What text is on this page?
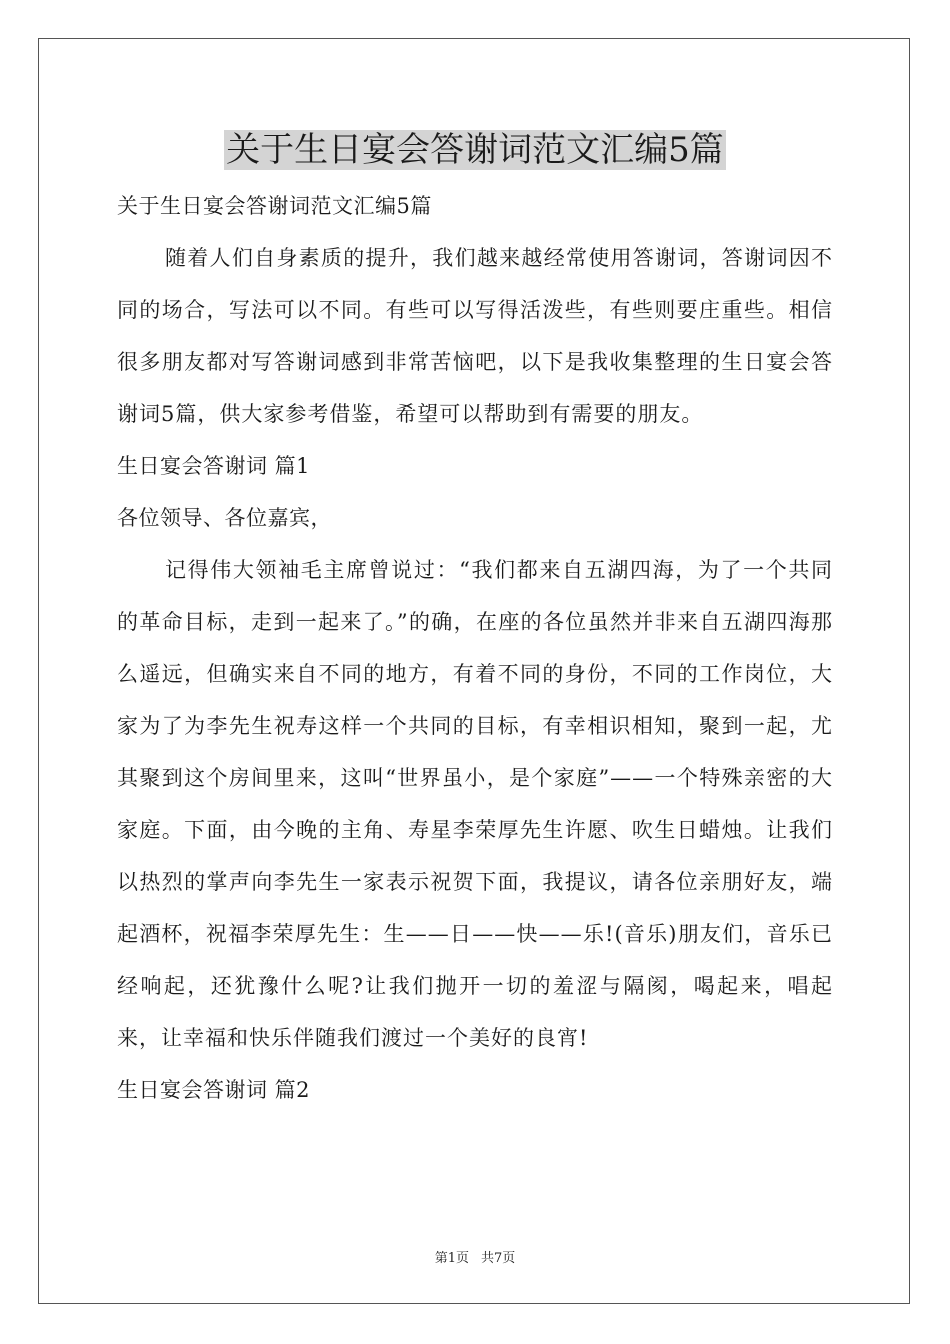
关于生日宴会答谢词范文汇编5篇

关于生日宴会答谢词范文汇编5篇

随着人们自身素质的提升，我们越来越经常使用答谢词，答谢词因不同的场合，写法可以不同。有些可以写得活泼些，有些则要庄重些。相信很多朋友都对写答谢词感到非常苦恼吧，以下是我收集整理的生日宴会答谢词5篇，供大家参考借鉴，希望可以帮助到有需要的朋友。

生日宴会答谢词 篇1

各位领导、各位嘉宾，

记得伟大领袖毛主席曾说过：“我们都来自五湖四海，为了一个共同的革命目标，走到一起来了。”的确，在座的各位虽然并非来自五湖四海那么遥远，但确实来自不同的地方，有着不同的身份，不同的工作岗位，大家为了为李先生祝寿这样一个共同的目标，有幸相识相知，聚到一起，尤其聚到这个房间里来，这叫“世界虽小，是个家庭”——一个特殊亲密的大家庭。下面，由今晚的主角、寿星李荣厚先生许愿、吹生日蜡烛。让我们以热烈的掌声向李先生一家表示祝贺下面，我提议，请各位亲朋好友，端起酒杯，祝福李荣厚先生：生——日——快——乐!(音乐)朋友们，音乐已经响起，还犹豫什么呢?让我们抛开一切的羞涩与隔阂，喝起来，唱起来，让幸福和快乐伴随我们渡过一个美好的良宵!

生日宴会答谢词 篇2

第1页 共7页
